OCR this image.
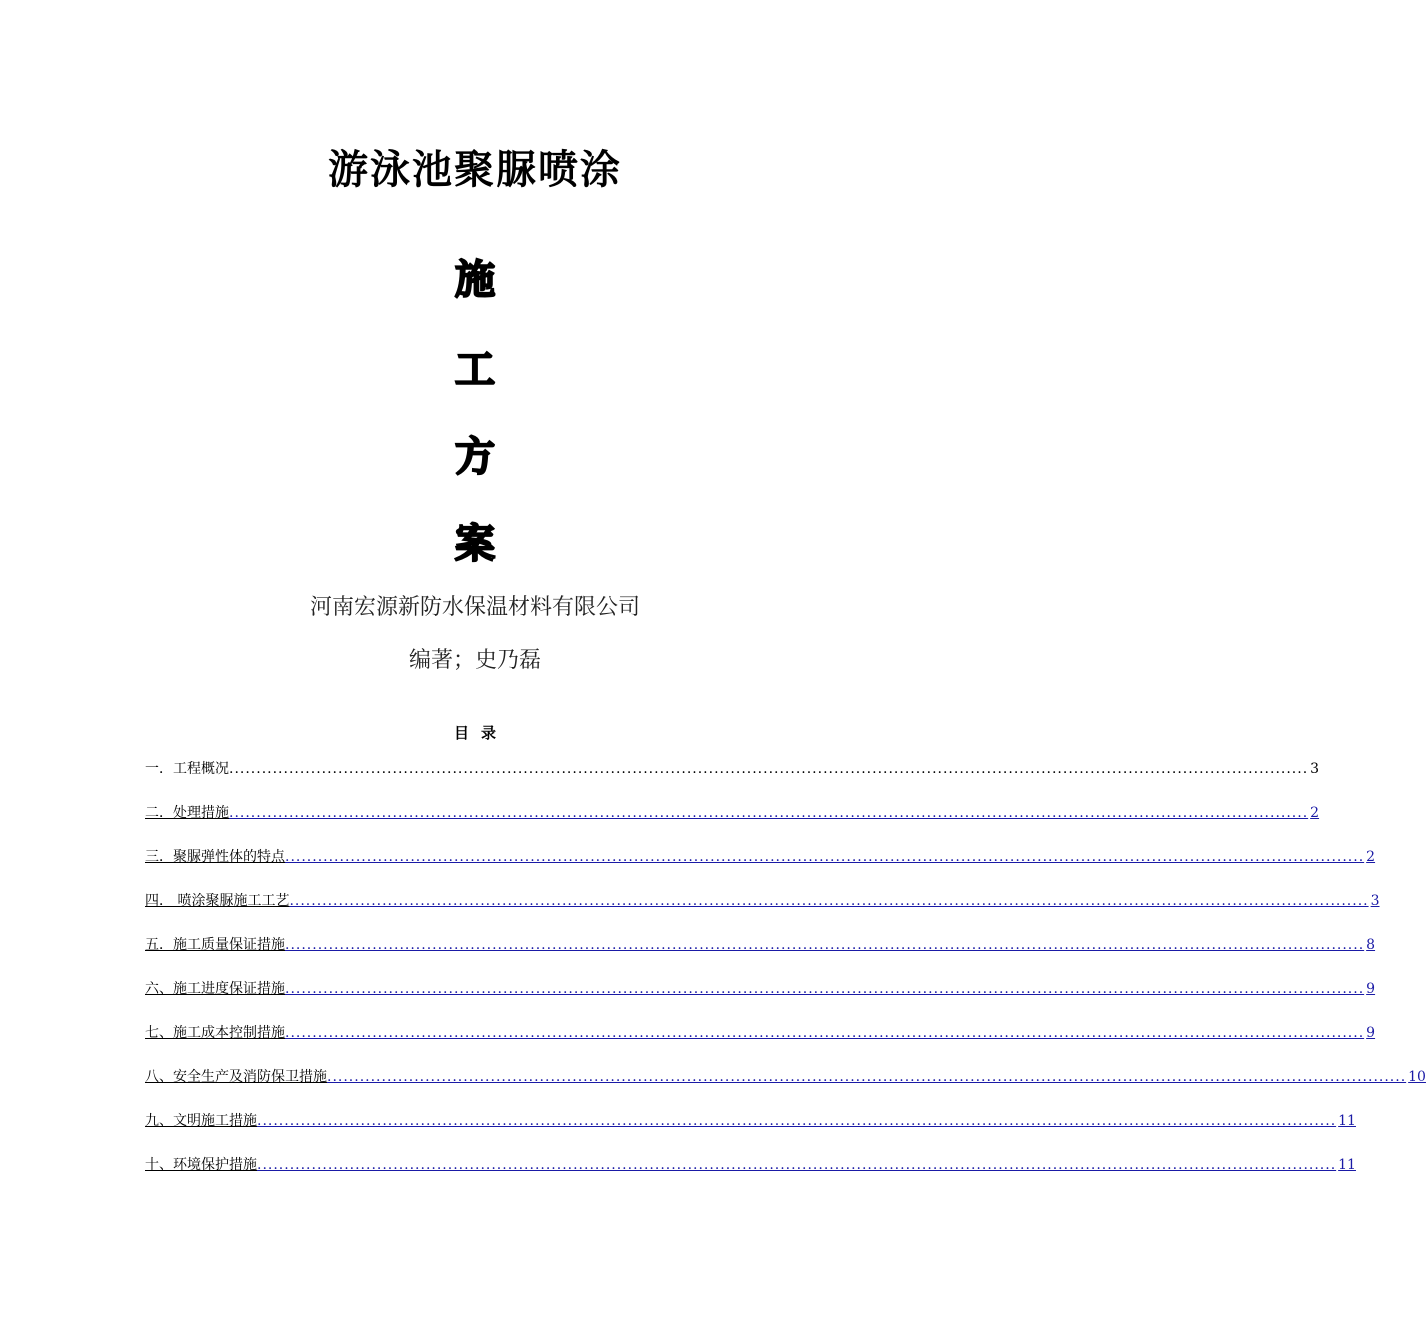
游泳池聚脲喷涂
施
工
方
案
河南宏源新防水保温材料有限公司
编著；史乃磊
目录
一．工程概况 ...................................................................................................................................................................................................... 3
二．处理措施 ...................................................................................................................................................................................................... 2
三．聚脲弹性体的特点 ...................................................................................................................................................................................................... 2
四． 喷涂聚脲施工工艺 ...................................................................................................................................................................................................... 3
五．施工质量保证措施 ...................................................................................................................................................................................................... 8
六、施工进度保证措施 ...................................................................................................................................................................................................... 9
七、施工成本控制措施 ...................................................................................................................................................................................................... 9
八、安全生产及消防保卫措施 ...................................................................................................................................................................................................... 10
九、文明施工措施 ...................................................................................................................................................................................................... 11
十、环境保护措施 ...................................................................................................................................................................................................... 11
